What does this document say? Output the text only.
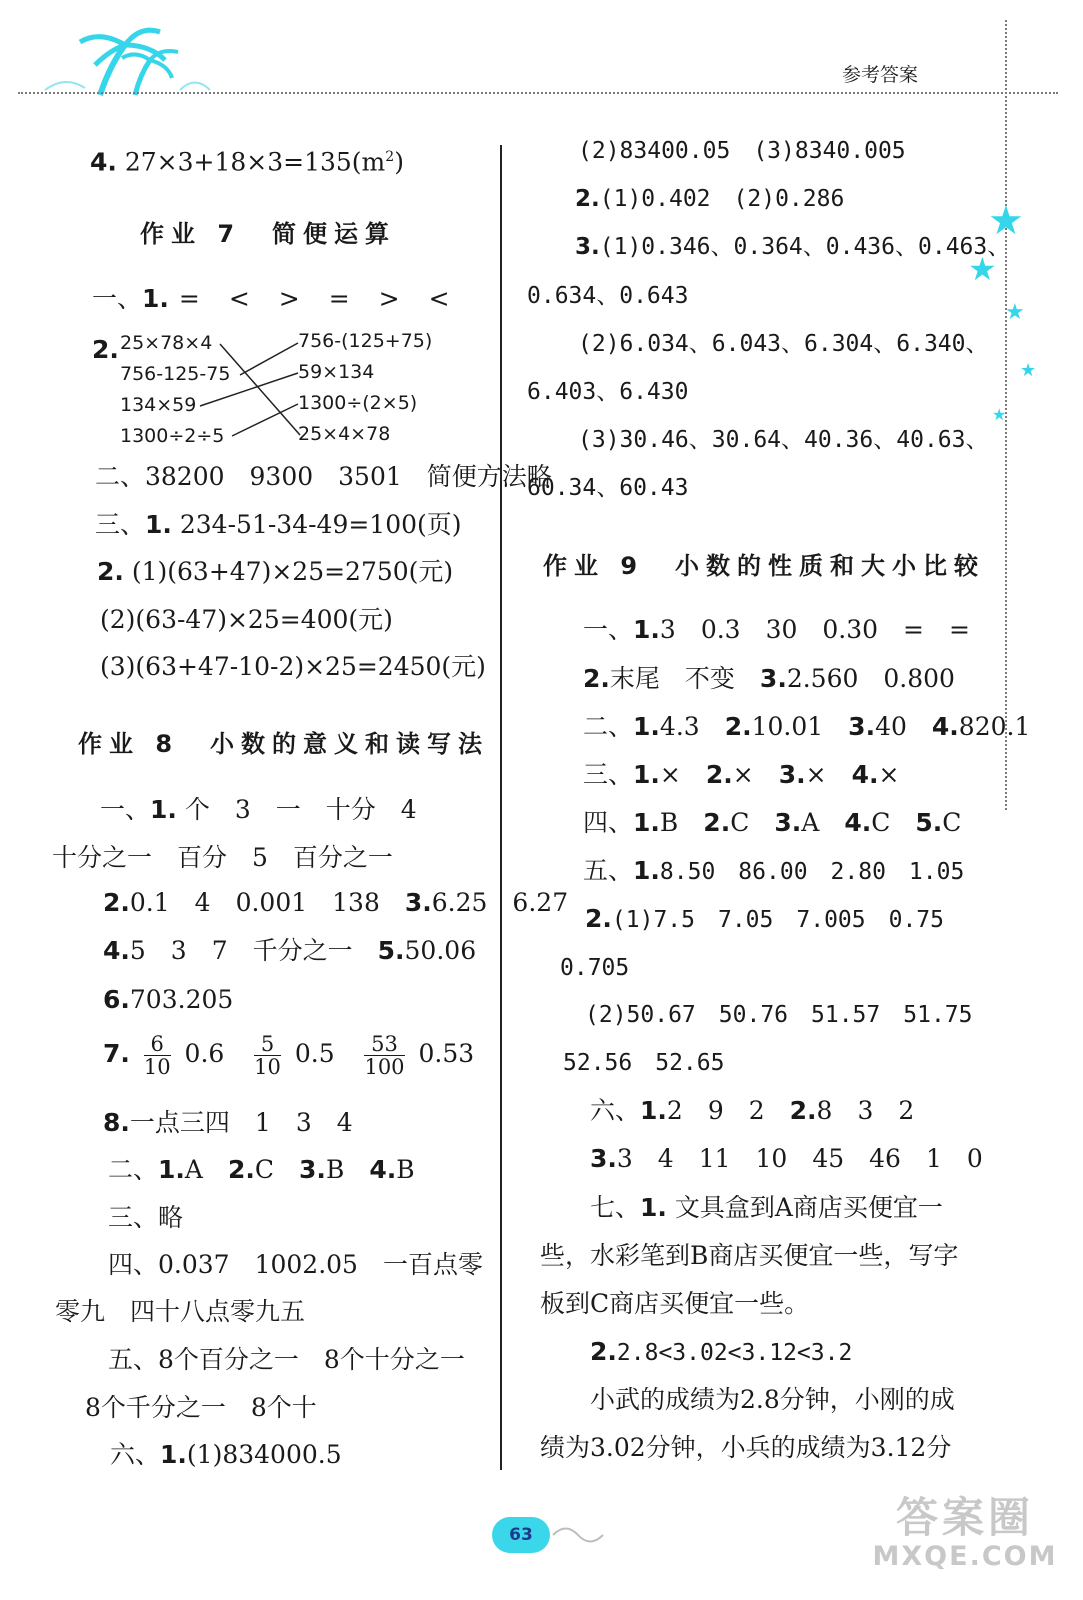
参考答案
★
★
★
★
★
4. $27\times 3+18\times 3=135(m^2)$
作业 7　简便运算
一、1. =　<　>　=　>　<
2. 25×78×4
756-125-75
134×59
1300÷2÷5
756-(125+75)
59×134
1300÷(2×5)
25×4×78
二、38200　9300　3501　简便方法略
三、1. 234-51-34-49=100(页)
2. (1)(63+47)×25=2750(元)
(2)(63-47)×25=400(元)
(3)(63+47-10-2)×25=2450(元)
作业 8　小数的意义和读写法
一、1. 个　3　一　十分　4
十分之一　百分　5　百分之一
2.0.1　4　0.001　138　3.6.25　6.27
4.5　3　7　千分之一　5.50.06
6.703.205
7. $\frac{6}{10} 0.6 \frac{5}{10} 0.5 \frac{53}{100} 0.53$
8.一点三四　1　3　4
二、1.A　2.C　3.B　4.B
三、略
四、0.037　1002.05　一百点零
零九　四十八点零九五
五、8个百分之一　8个十分之一
8个千分之一　8个十
六、1.(1)834000.5
(2)83400.05　(3)8340.005
2.(1)0.402　(2)0.286
3.(1)0.346、0.364、0.436、0.463、
0.634、0.643
(2)6.034、6.043、6.304、6.340、
6.403、6.430
(3)30.46、30.64、40.36、40.63、
60.34、60.43
作业 9　小数的性质和大小比较
一、1.3　0.3　30　0.30　=　=
2.末尾　不变　3.2.560　0.800
二、1.4.3　2.10.01　3.40　4.820.1
三、1.×　2.×　3.×　4.×
四、1.B　2.C　3.A　4.C　5.C
五、1.8.50　86.00　2.80　1.05
2.(1)7.5　7.05　7.005　0.75
0.705
(2)50.67　50.76　51.57　51.75
52.56　52.65
六、1.2　9　2　2.8　3　2
3.3　4　11　10　45　46　1　0
七、1. 文具盒到A商店买便宜一
些，水彩笔到B商店买便宜一些，写字
板到C商店买便宜一些。
2.2.8<3.02<3.12<3.2
小武的成绩为2.8分钟，小刚的成
绩为3.02分钟，小兵的成绩为3.12分
63	答案圈
MXQE.COM
